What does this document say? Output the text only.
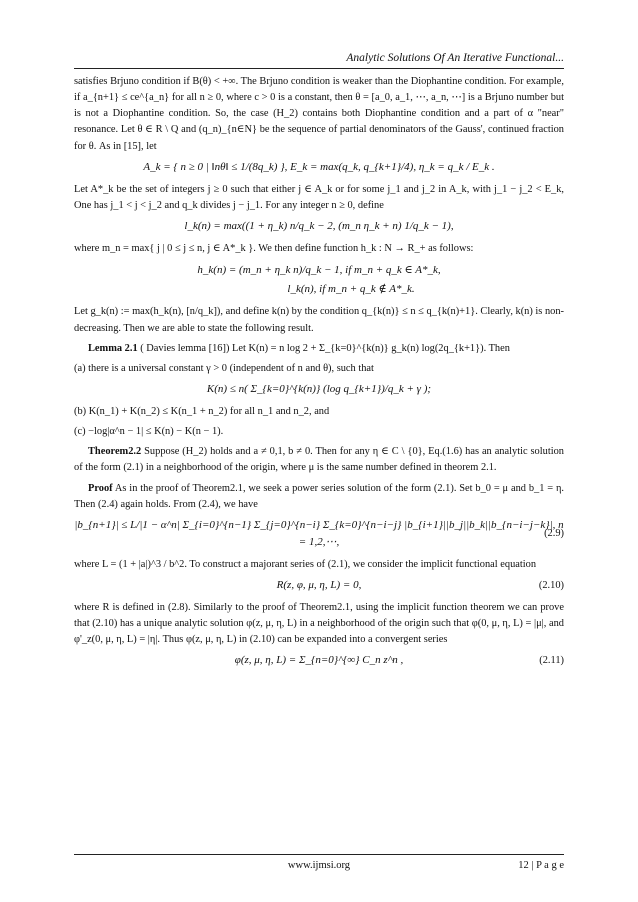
Analytic Solutions Of An Iterative Functional...

satisfies Brjuno condition if B(θ) < +∞. The Brjuno condition is weaker than the Diophantine condition. For example, if a_{n+1} ≤ ce^{a_n} for all n ≥ 0, where c > 0 is a constant, then θ = [a_0, a_1, ⋯, a_n, ⋯] is a Brjuno number but is not a Diophantine condition. So, the case (H_2) contains both Diophantine condition and a part of α "near" resonance. Let θ ∈ R \ Q and (q_n)_{n∈N} be the sequence of partial denominators of the Gauss', continued fraction for θ. As in [15], let

A_k = { n ≥ 0 | ‖nθ‖ ≤ 1/(8q_k) }, E_k = max(q_k, q_{k+1}/4), η_k = q_k / E_k .

Let A*_k be the set of integers j ≥ 0 such that either j ∈ A_k or for some j_1 and j_2 in A_k, with j_1 − j_2 < E_k, One has j_1 < j < j_2 and q_k divides j − j_1. For any integer n ≥ 0, define

l_k(n) = max((1 + η_k) n/q_k − 2, (m_n η_k + n) 1/q_k − 1),

where m_n = max{ j | 0 ≤ j ≤ n, j ∈ A*_k }. We then define function h_k : N → R_+ as follows:

h_k(n) = (m_n + η_k n)/q_k − 1, if m_n + q_k ∈ A*_k,
l_k(n), if m_n + q_k ∉ A*_k.

Let g_k(n) := max(h_k(n), [n/q_k]), and define k(n) by the condition q_{k(n)} ≤ n ≤ q_{k(n)+1}. Clearly, k(n) is non-decreasing. Then we are able to state the following result.

Lemma 2.1 ( Davies lemma [16]) Let K(n) = n log 2 + Σ_{k=0}^{k(n)} g_k(n) log(2q_{k+1}). Then

(a) there is a universal constant γ > 0 (independent of n and θ), such that

K(n) ≤ n( Σ_{k=0}^{k(n)} (log q_{k+1})/q_k + γ );

(b) K(n_1) + K(n_2) ≤ K(n_1 + n_2) for all n_1 and n_2, and

(c) −log|α^n − 1| ≤ K(n) − K(n − 1).

Theorem2.2 Suppose (H_2) holds and a ≠ 0,1, b ≠ 0. Then for any η ∈ C \ {0}, Eq.(1.6) has an analytic solution of the form (2.1) in a neighborhood of the origin, where μ is the same number defined in theorem 2.1.

Proof As in the proof of Theorem2.1, we seek a power series solution of the form (2.1). Set b_0 = μ and b_1 = η. Then (2.4) again holds. From (2.4), we have

|b_{n+1}| ≤ L/|1 − α^n| Σ_{i=0}^{n−1} Σ_{j=0}^{n−i} Σ_{k=0}^{n−i−j} |b_{i+1}||b_j||b_k||b_{n−i−j−k}|, n = 1,2,⋯,
(2.9)

where L = (1 + |a|)^3 / b^2. To construct a majorant series of (2.1), we consider the implicit functional equation

R(z, φ, μ, η, L) = 0,	(2.10)

where R is defined in (2.8). Similarly to the proof of Theorem2.1, using the implicit function theorem we can prove that (2.10) has a unique analytic solution φ(z, μ, η, L) in a neighborhood of the origin such that φ(0, μ, η, L) = |μ|, and φ'_z(0, μ, η, L) = |η|. Thus φ(z, μ, η, L) in (2.10) can be expanded into a convergent series

φ(z, μ, η, L) = Σ_{n=0}^{∞} C_n z^n ,	(2.11)
www.ijmsi.org	12 | P a g e
